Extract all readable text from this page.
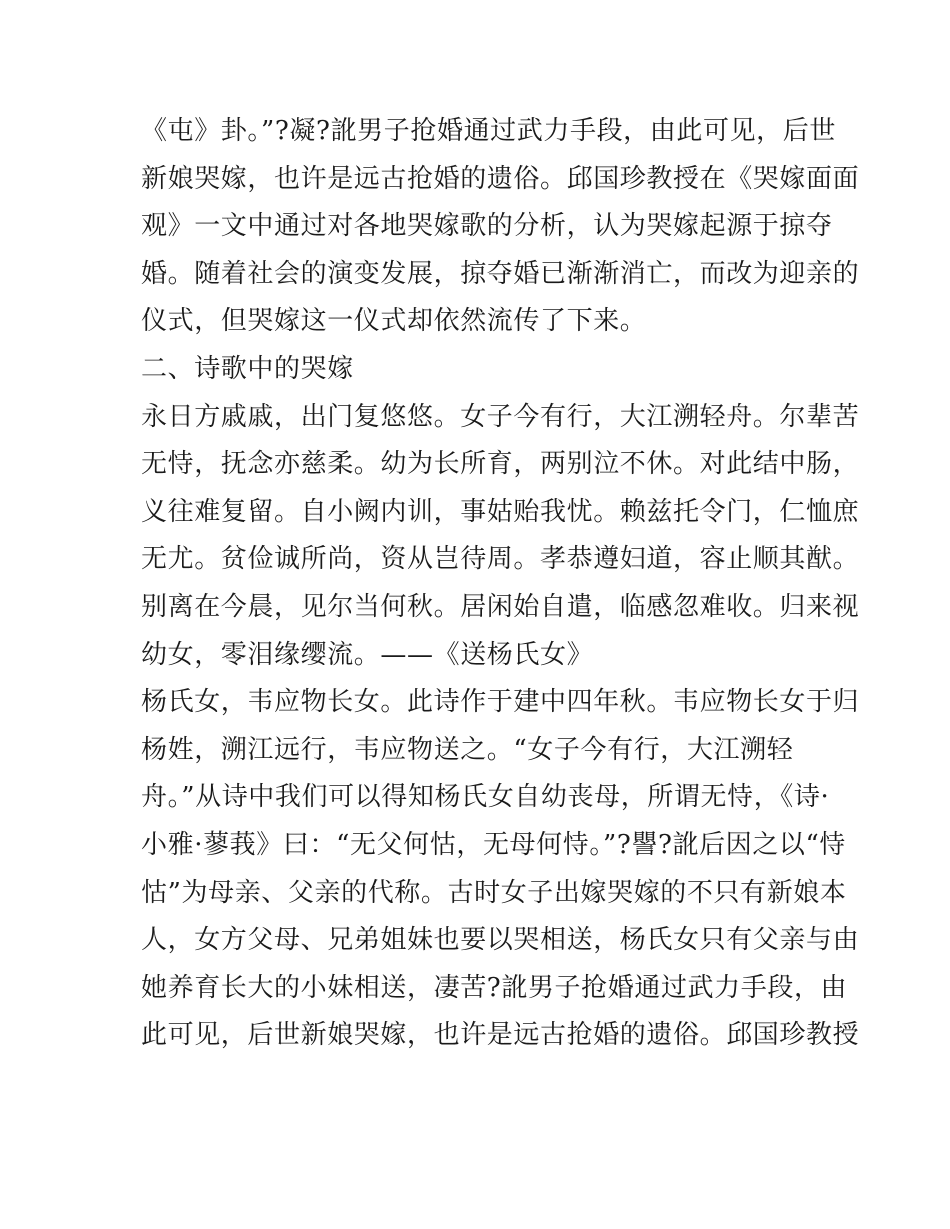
《屯》卦。”?凝?訛男子抢婚通过武力手段，由此可见，后世
新娘哭嫁，也许是远古抢婚的遗俗。邱国珍教授在《哭嫁面面
观》一文中通过对各地哭嫁歌的分析，认为哭嫁起源于掠夺
婚。随着社会的演变发展，掠夺婚已渐渐消亡，而改为迎亲的
仪式，但哭嫁这一仪式却依然流传了下来。
二、诗歌中的哭嫁
永日方戚戚，出门复悠悠。女子今有行，大江溯轻舟。尔辈苦
无恃，抚念亦慈柔。幼为长所育，两别泣不休。对此结中肠，
义往难复留。自小阙内训，事姑贻我忧。赖兹托令门，仁恤庶
无尤。贫俭诚所尚，资从岂待周。孝恭遵妇道，容止顺其猷。
别离在今晨，见尔当何秋。居闲始自遣，临感忽难收。归来视
幼女，零泪缘缨流。——《送杨氏女》
杨氏女，韦应物长女。此诗作于建中四年秋。韦应物长女于归
杨姓，溯江远行，韦应物送之。“女子今有行，大江溯轻
舟。”从诗中我们可以得知杨氏女自幼丧母，所谓无恃，《诗·
小雅·蓼莪》曰：“无父何怙，无母何恃。”?譻?訛后因之以“恃
怙”为母亲、父亲的代称。古时女子出嫁哭嫁的不只有新娘本
人，女方父母、兄弟姐妹也要以哭相送，杨氏女只有父亲与由
她养育长大的小妹相送，凄苦?訛男子抢婚通过武力手段，由
此可见，后世新娘哭嫁，也许是远古抢婚的遗俗。邱国珍教授
